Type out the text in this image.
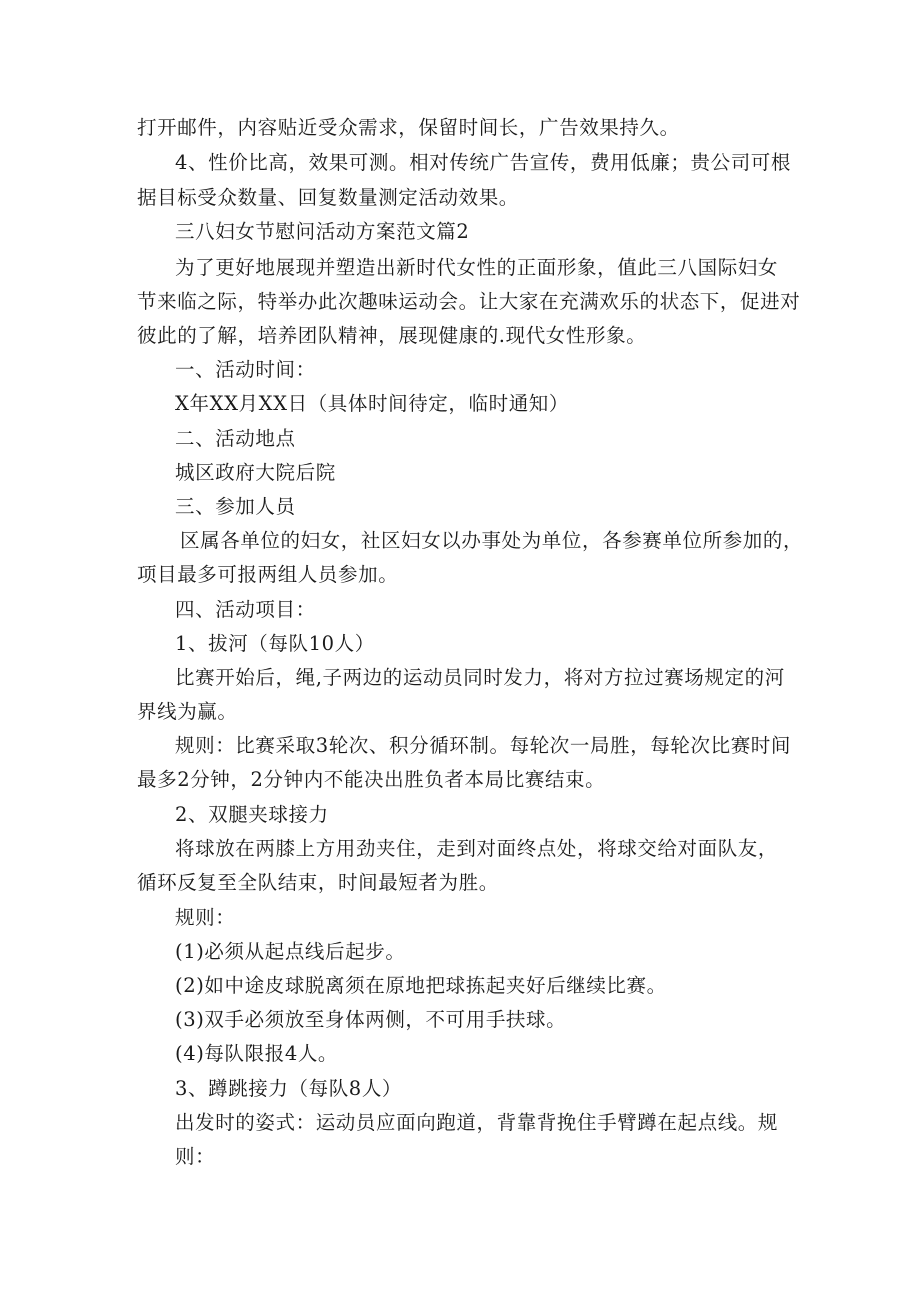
打开邮件，内容贴近受众需求，保留时间长，广告效果持久。
4、性价比高，效果可测。相对传统广告宣传，费用低廉；贵公司可根
据目标受众数量、回复数量测定活动效果。
三八妇女节慰问活动方案范文篇2
为了更好地展现并塑造出新时代女性的正面形象，值此三八国际妇女
节来临之际，特举办此次趣味运动会。让大家在充满欢乐的状态下，促进对
彼此的了解，培养团队精神，展现健康的.现代女性形象。
一、活动时间：
X年XX月XX日（具体时间待定，临时通知）
二、活动地点
城区政府大院后院
三、参加人员
区属各单位的妇女，社区妇女以办事处为单位，各参赛单位所参加的，
项目最多可报两组人员参加。
四、活动项目：
1、拔河（每队10人）
比赛开始后，绳,子两边的运动员同时发力，将对方拉过赛场规定的河
界线为赢。
规则：比赛采取3轮次、积分循环制。每轮次一局胜，每轮次比赛时间
最多2分钟，2分钟内不能决出胜负者本局比赛结束。
2、双腿夹球接力
将球放在两膝上方用劲夹住，走到对面终点处，将球交给对面队友，
循环反复至全队结束，时间最短者为胜。
规则：
(1)必须从起点线后起步。
(2)如中途皮球脱离须在原地把球拣起夹好后继续比赛。
(3)双手必须放至身体两侧，不可用手扶球。
(4)每队限报4人。
3、蹲跳接力（每队8人）
出发时的姿式：运动员应面向跑道，背靠背挽住手臂蹲在起点线。规
则：
